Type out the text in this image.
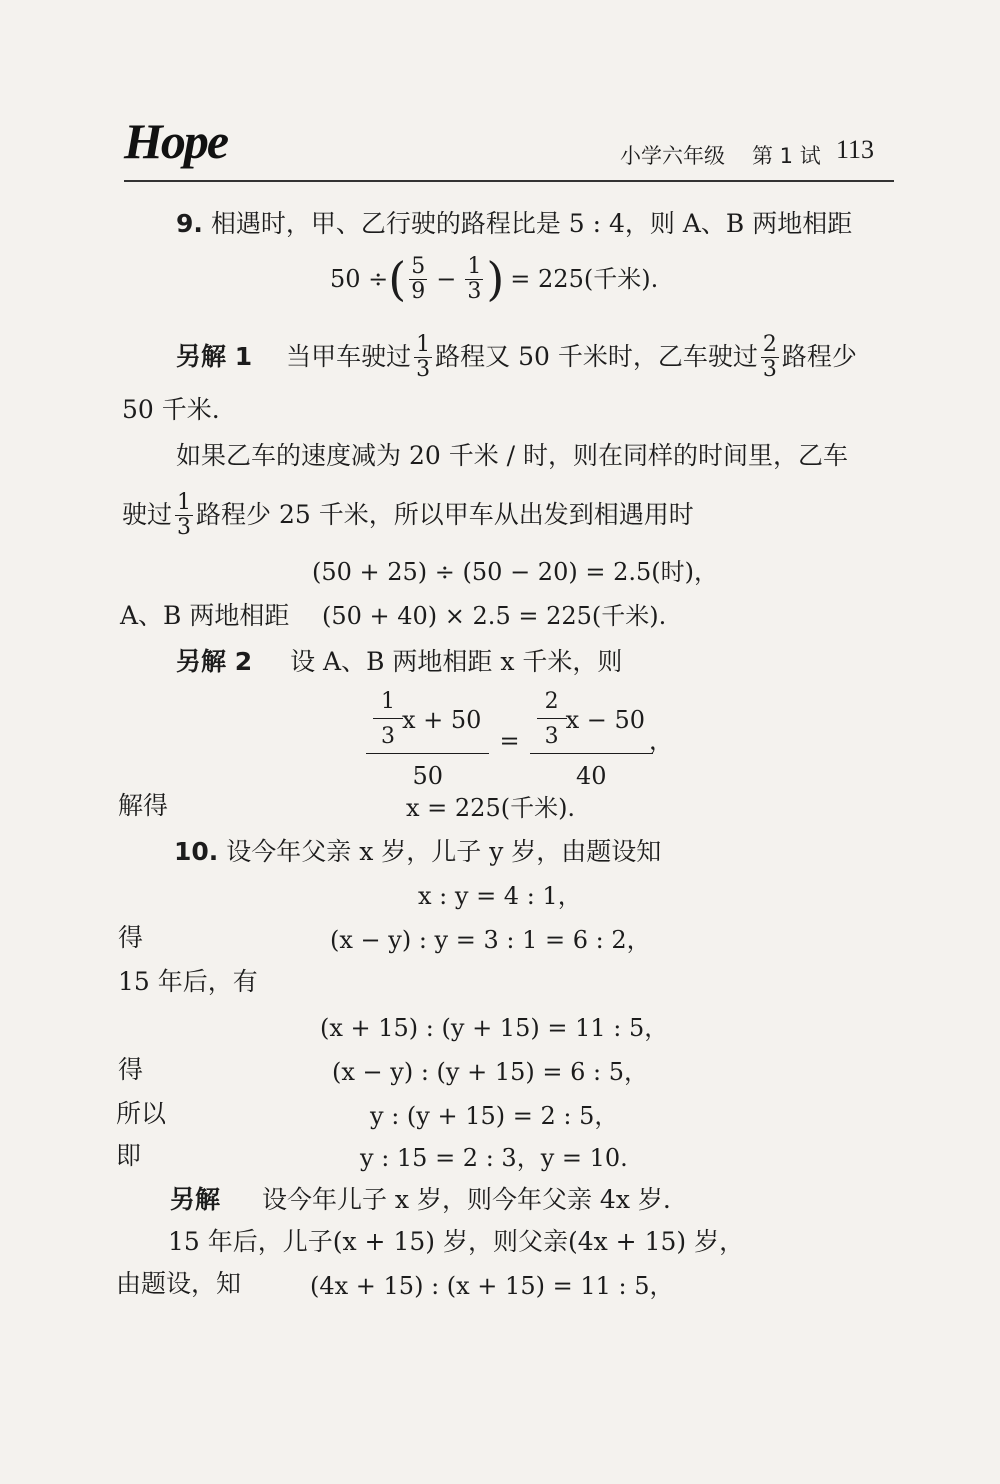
Hope	小学六年级 第 1 试 113
9. 相遇时，甲、乙行驶的路程比是 5 : 4，则 A、B 两地相距
50 ÷ ( $\frac{5}{9} - \frac{1}{3}$ ) = 225(千米).
另解 1 当甲车驶过 $\frac{1}{3}$ 路程又 50 千米时，乙车驶过 $\frac{2}{3}$ 路程少
50 千米.
如果乙车的速度减为 20 千米 / 时，则在同样的时间里，乙车
驶过 $\frac{1}{3}$ 路程少 25 千米，所以甲车从出发到相遇用时
(50 + 25) ÷ (50 − 20) = 2.5(时)，
A、B 两地相距 (50 + 40) × 2.5 = 225(千米).
另解 2 设 A、B 两地相距 x 千米，则
$\frac{\frac{1}{3} x + 50}{50} = \frac{\frac{2}{3} x - 50}{40}$ ，
解得	x = 225(千米).
10. 设今年父亲 x 岁，儿子 y 岁，由题设知
x : y = 4 : 1，
得	(x − y) : y = 3 : 1 = 6 : 2，
15 年后，有
(x + 15) : (y + 15) = 11 : 5，
得	(x − y) : (y + 15) = 6 : 5，
所以	y : (y + 15) = 2 : 5，
即	y : 15 = 2 : 3，y = 10.
另解 设今年儿子 x 岁，则今年父亲 4x 岁.
15 年后，儿子(x + 15) 岁，则父亲(4x + 15) 岁，
由题设，知	(4x + 15) : (x + 15) = 11 : 5，
